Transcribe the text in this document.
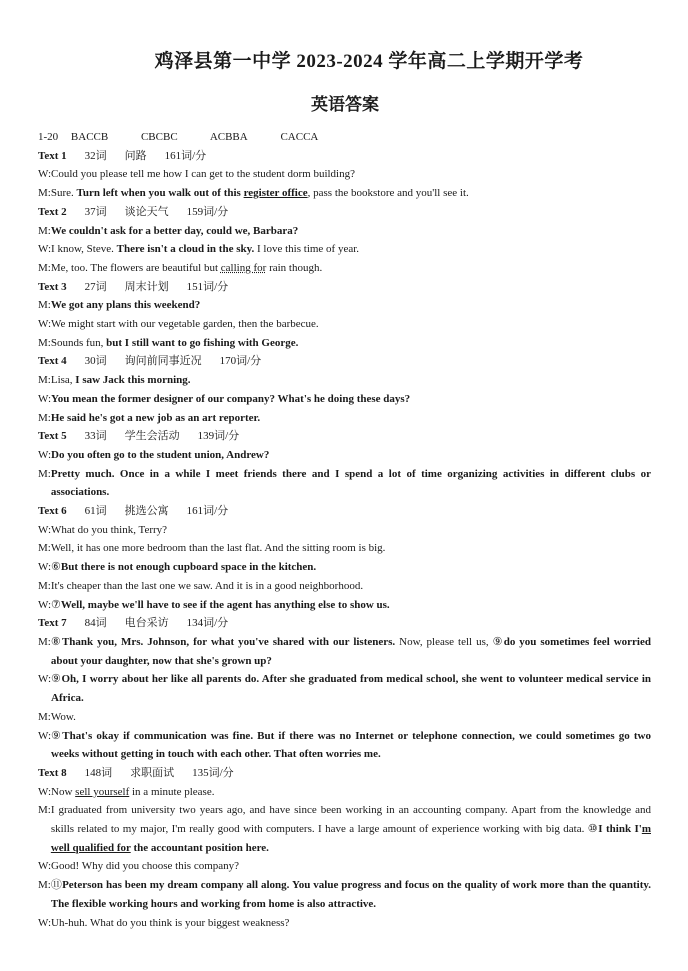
鸡泽县第一中学 2023-2024 学年高二上学期开学考
英语答案
1-20 BACCB	CBCBC	ACBBA	CACCA
Text 1 32词 问路 161词/分
W: Could you please tell me how I can get to the student dorm building?
M: Sure. Turn left when you walk out of this register office, pass the bookstore and you'll see it.
Text 2 37词 谈论天气 159词/分
M: We couldn't ask for a better day, could we, Barbara?
W: I know, Steve. There isn't a cloud in the sky. I love this time of year.
M: Me, too. The flowers are beautiful but calling for rain though.
Text 3 27词 周末计划 151词/分
M: We got any plans this weekend?
W: We might start with our vegetable garden, then the barbecue.
M: Sounds fun, but I still want to go fishing with George.
Text 4 30词 询问前同事近况 170词/分
M: Lisa, I saw Jack this morning.
W: You mean the former designer of our company? What's he doing these days?
M: He said he's got a new job as an art reporter.
Text 5 33词 学生会活动 139词/分
W: Do you often go to the student union, Andrew?
M: Pretty much. Once in a while I meet friends there and I spend a lot of time organizing activities in different clubs or associations.
Text 6 61词 挑选公寓 161词/分
W: What do you think, Terry?
M: Well, it has one more bedroom than the last flat. And the sitting room is big.
W: ⑥But there is not enough cupboard space in the kitchen.
M: It's cheaper than the last one we saw. And it is in a good neighborhood.
W: ⑦Well, maybe we'll have to see if the agent has anything else to show us.
Text 7 84词 电台采访 134词/分
M: ⑧Thank you, Mrs. Johnson, for what you've shared with our listeners. Now, please tell us, ⑨do you sometimes feel worried about your daughter, now that she's grown up?
W: ⑨Oh, I worry about her like all parents do. After she graduated from medical school, she went to volunteer medical service in Africa.
M: Wow.
W: ⑨That's okay if communication was fine. But if there was no Internet or telephone connection, we could sometimes go two weeks without getting in touch with each other. That often worries me.
Text 8 148词 求职面试 135词/分
W: Now sell yourself in a minute please.
M: I graduated from university two years ago, and have since been working in an accounting company. Apart from the knowledge and skills related to my major, I'm really good with computers. I have a large amount of experience working with big data. ⑩I think I'm well qualified for the accountant position here.
W: Good! Why did you choose this company?
M: ⑪Peterson has been my dream company all along. You value progress and focus on the quality of work more than the quantity. The flexible working hours and working from home is also attractive.
W: Uh-huh. What do you think is your biggest weakness?
